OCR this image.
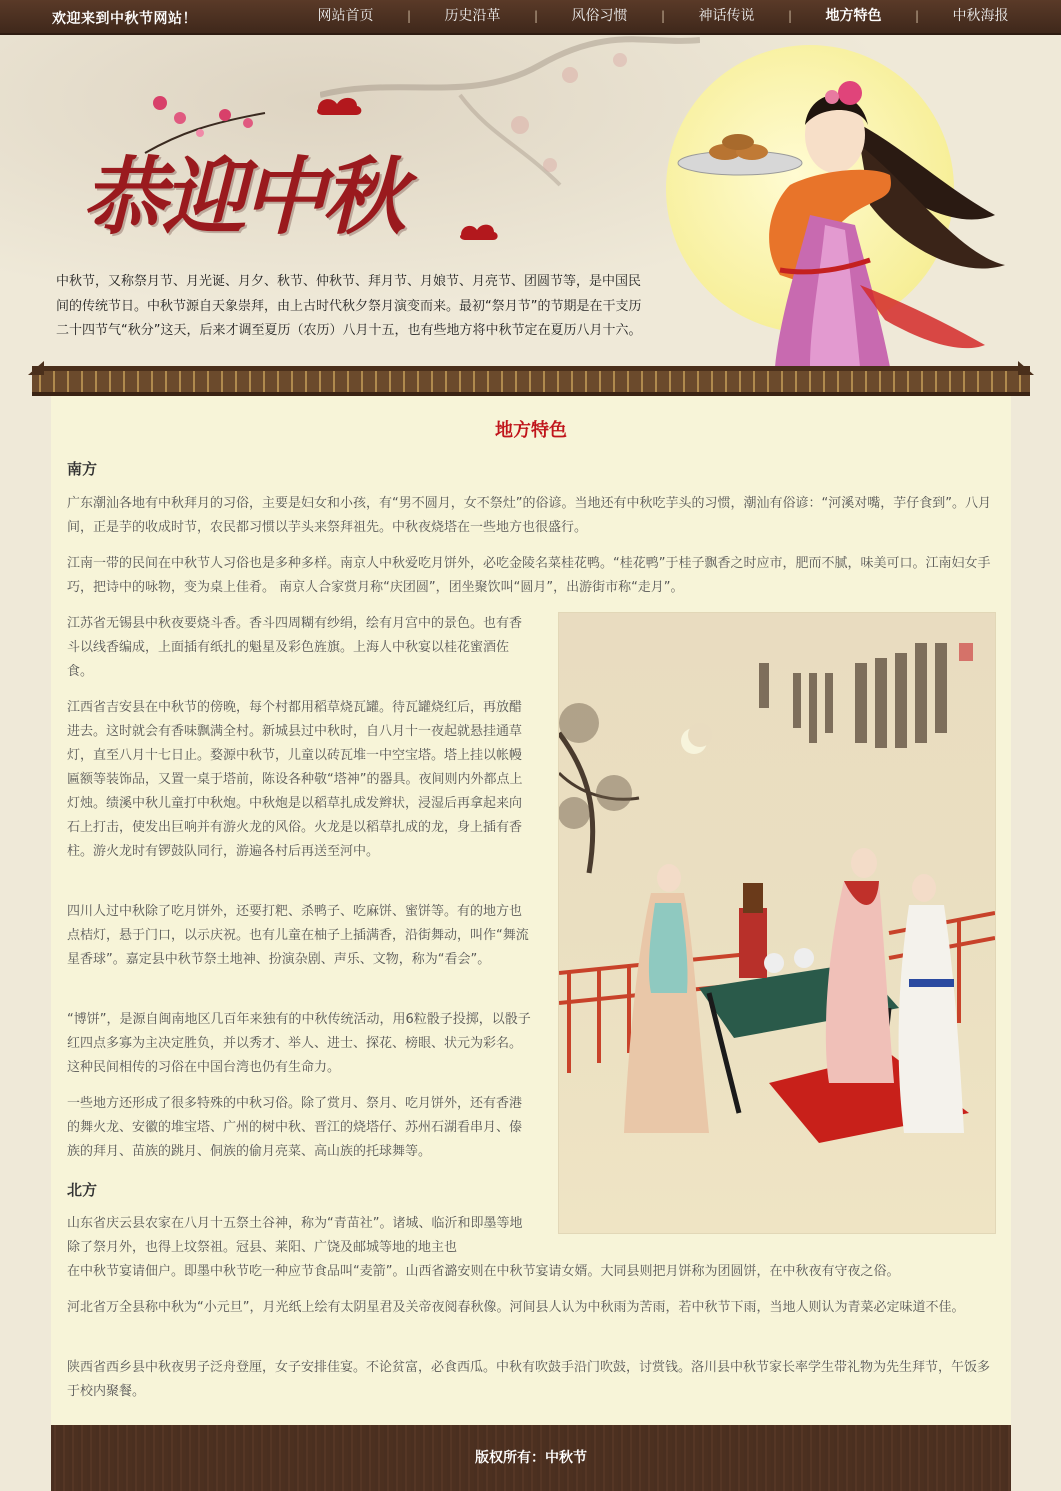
欢迎来到中秋节网站！	网站首页	|	历史沿革	|	风俗习惯	|	神话传说	|	地方特色	|	中秋海报
恭迎中秋

中秋节，又称祭月节、月光诞、月夕、秋节、仲秋节、拜月节、月娘节、月亮节、团圆节等，是中国民间的传统节日。中秋节源自天象崇拜，由上古时代秋夕祭月演变而来。最初“祭月节”的节期是在干支历二十四节气“秋分”这天，后来才调至夏历（农历）八月十五，也有些地方将中秋节定在夏历八月十六。

地方特色
南方

广东潮汕各地有中秋拜月的习俗，主要是妇女和小孩，有“男不圆月，女不祭灶”的俗谚。当地还有中秋吃芋头的习惯，潮汕有俗谚：“河溪对嘴，芋仔食到”。八月间，正是芋的收成时节，农民都习惯以芋头来祭拜祖先。中秋夜烧塔在一些地方也很盛行。

江南一带的民间在中秋节人习俗也是多种多样。南京人中秋爱吃月饼外，必吃金陵名菜桂花鸭。“桂花鸭”于桂子飘香之时应市，肥而不腻，味美可口。江南妇女手巧，把诗中的咏物，变为桌上佳肴。 南京人合家赏月称“庆团圆”，团坐聚饮叫“圆月”，出游街市称“走月”。

江苏省无锡县中秋夜要烧斗香。香斗四周糊有纱绢，绘有月宫中的景色。也有香斗以线香编成，上面插有纸扎的魁星及彩色旌旗。上海人中秋宴以桂花蜜酒佐食。

江西省吉安县在中秋节的傍晚，每个村都用稻草烧瓦罐。待瓦罐烧红后，再放醋进去。这时就会有香味飘满全村。新城县过中秋时，自八月十一夜起就悬挂通草灯，直至八月十七日止。婺源中秋节，儿童以砖瓦堆一中空宝塔。塔上挂以帐幔匾额等装饰品，又置一桌于塔前，陈设各种敬“塔神”的器具。夜间则内外都点上灯烛。绩溪中秋儿童打中秋炮。中秋炮是以稻草扎成发辫状，浸湿后再拿起来向石上打击，使发出巨响并有游火龙的风俗。火龙是以稻草扎成的龙，身上插有香柱。游火龙时有锣鼓队同行，游遍各村后再送至河中。

四川人过中秋除了吃月饼外，还要打粑、杀鸭子、吃麻饼、蜜饼等。有的地方也点桔灯，悬于门口，以示庆祝。也有儿童在柚子上插满香，沿街舞动，叫作“舞流星香球”。嘉定县中秋节祭土地神、扮演杂剧、声乐、文物，称为“看会”。

“博饼”，是源自闽南地区几百年来独有的中秋传统活动，用6粒骰子投掷，以骰子红四点多寡为主决定胜负，并以秀才、举人、进士、探花、榜眼、状元为彩名。这种民间相传的习俗在中国台湾也仍有生命力。

一些地方还形成了很多特殊的中秋习俗。除了赏月、祭月、吃月饼外，还有香港的舞火龙、安徽的堆宝塔、广州的树中秋、晋江的烧塔仔、苏州石湖看串月、傣族的拜月、苗族的跳月、侗族的偷月亮菜、高山族的托球舞等。

北方

山东省庆云县农家在八月十五祭土谷神，称为“青苗社”。诸城、临沂和即墨等地除了祭月外，也得上坟祭祖。冠县、莱阳、广饶及邮城等地的地主也

在中秋节宴请佃户。即墨中秋节吃一种应节食品叫“麦箭”。山西省潞安则在中秋节宴请女婿。大同县则把月饼称为团圆饼，在中秋夜有守夜之俗。

河北省万全县称中秋为“小元旦”，月光纸上绘有太阴星君及关帝夜阅春秋像。河间县人认为中秋雨为苦雨，若中秋节下雨，当地人则认为青菜必定味道不佳。

陕西省西乡县中秋夜男子泛舟登厘，女子安排佳宴。不论贫富，必食西瓜。中秋有吹鼓手沿门吹鼓，讨赏钱。洛川县中秋节家长率学生带礼物为先生拜节，午饭多于校内聚餐。

版权所有：中秋节
